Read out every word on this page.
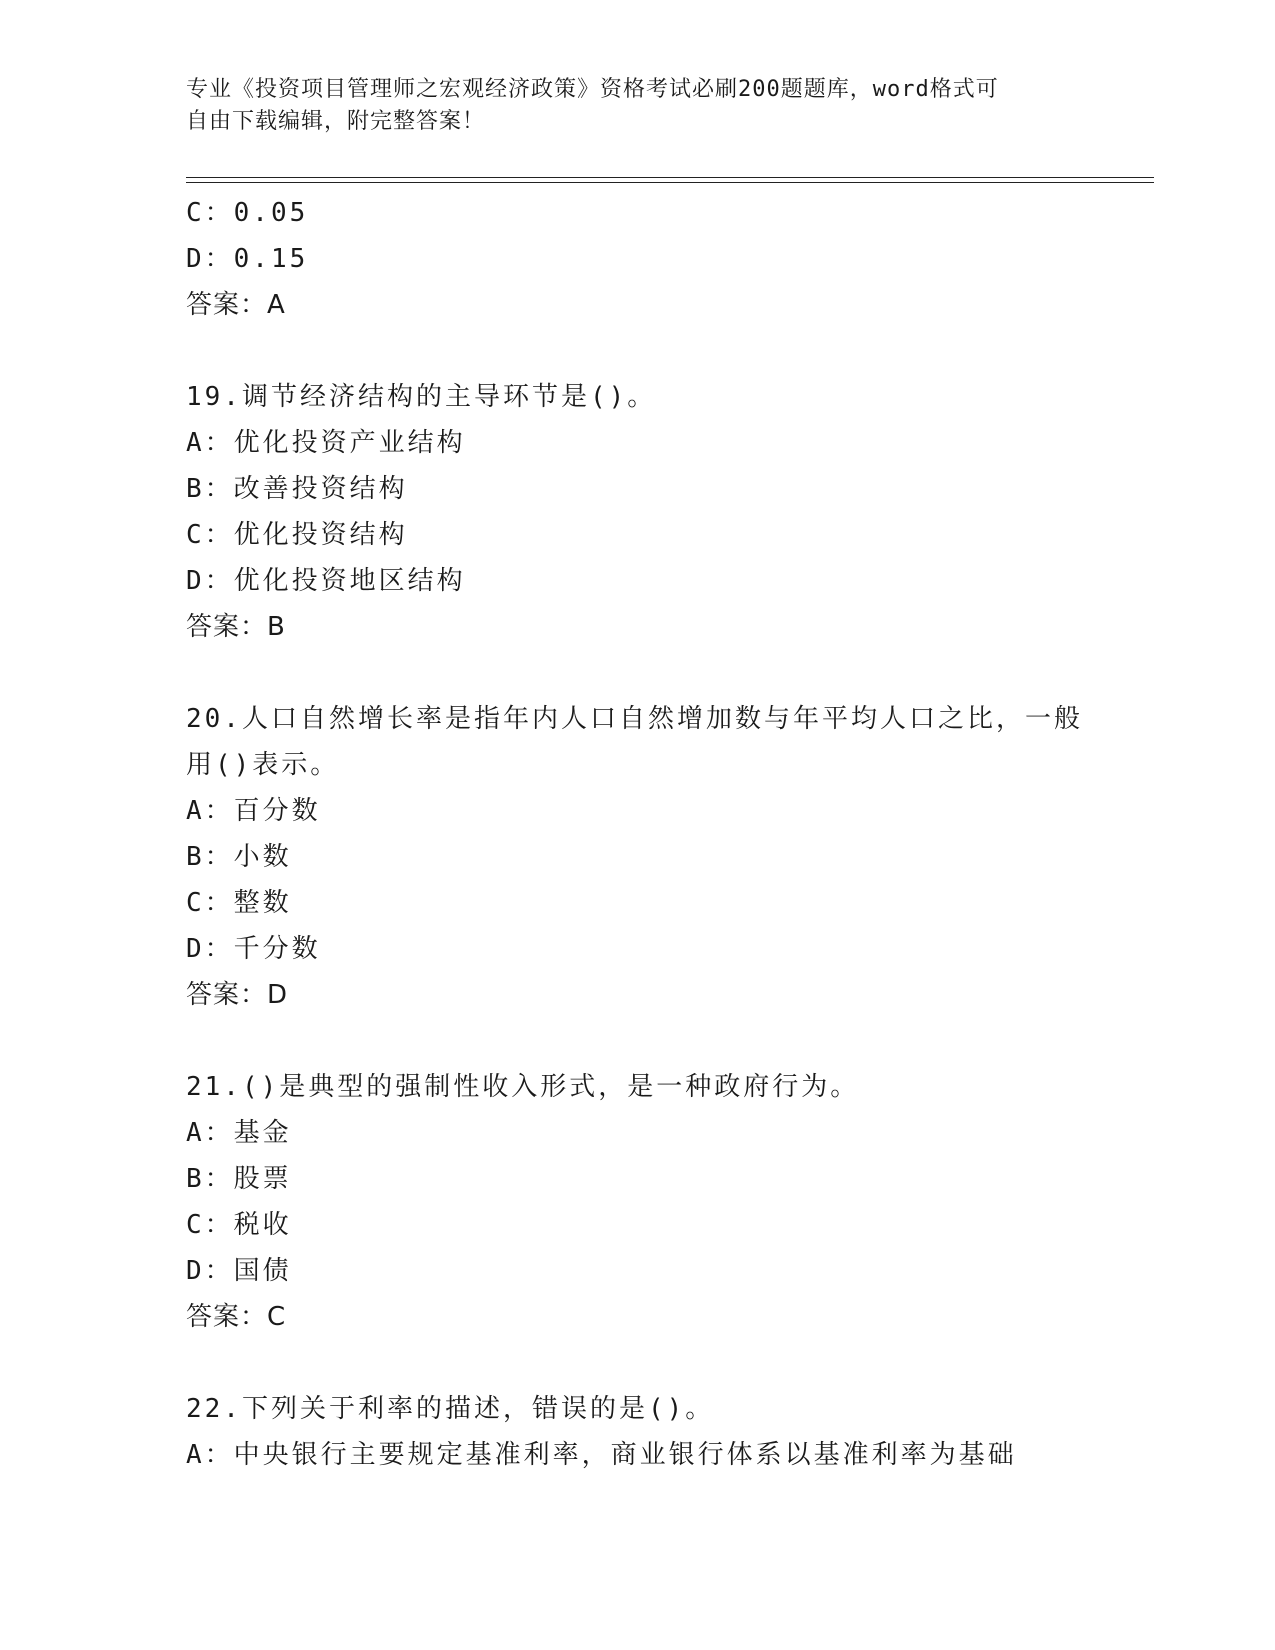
专业《投资项目管理师之宏观经济政策》资格考试必刷200题题库，word格式可
自由下载编辑，附完整答案！
C：0.05
D：0.15
答案：A
19.调节经济结构的主导环节是()。
A：优化投资产业结构
B：改善投资结构
C：优化投资结构
D：优化投资地区结构
答案：B
20.人口自然增长率是指年内人口自然增加数与年平均人口之比，一般
用()表示。
A：百分数
B：小数
C：整数
D：千分数
答案：D
21.()是典型的强制性收入形式，是一种政府行为。
A：基金
B：股票
C：税收
D：国债
答案：C
22.下列关于利率的描述，错误的是()。
A：中央银行主要规定基准利率，商业银行体系以基准利率为基础
